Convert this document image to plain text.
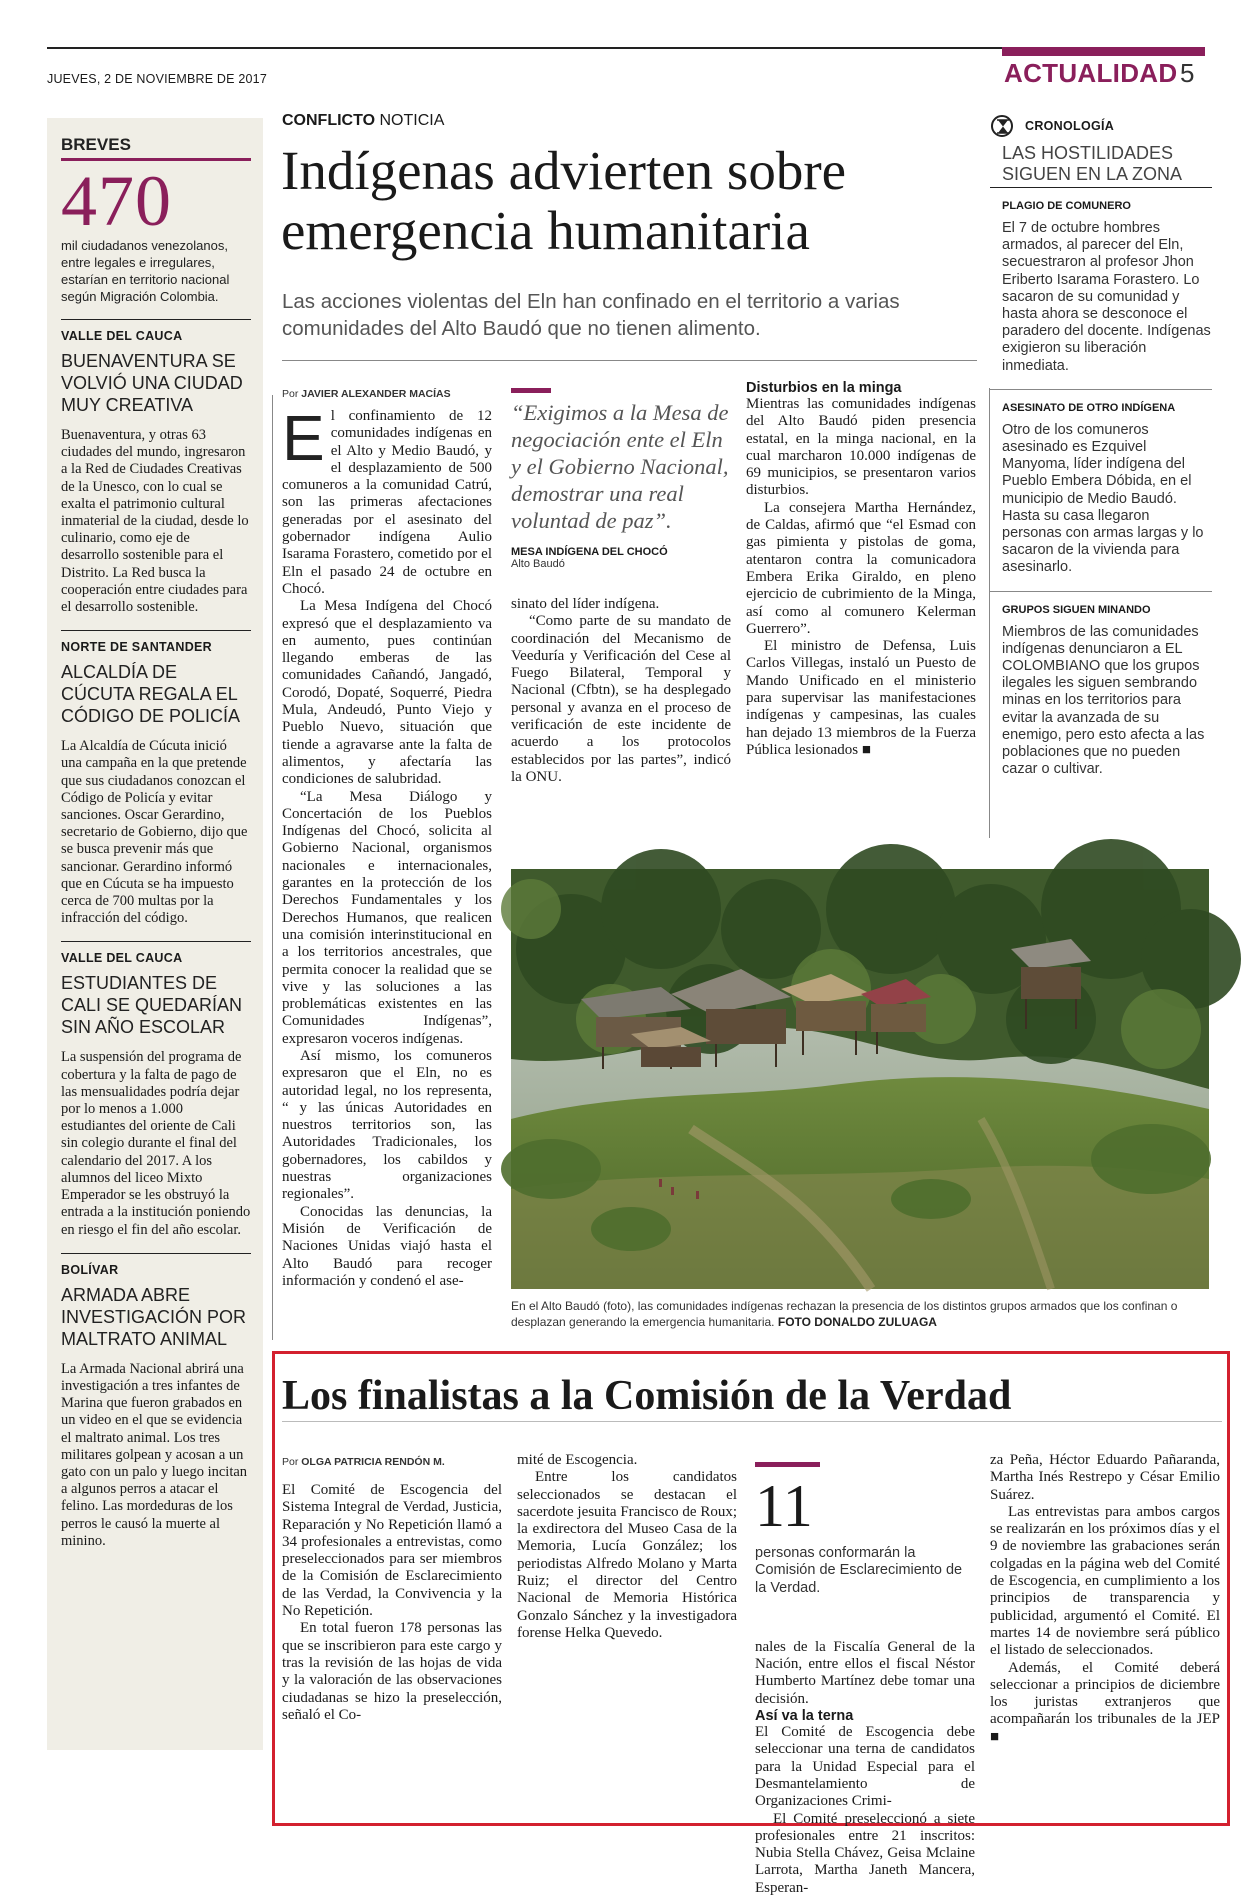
JUEVES, 2 DE NOVIEMBRE DE 2017	ACTUALIDAD 5
BREVES
470
mil ciudadanos venezolanos, entre legales e irregulares, estarían en territorio nacional según Migración Colombia.
VALLE DEL CAUCA
BUENAVENTURA SE VOLVIÓ UNA CIUDAD MUY CREATIVA
Buenaventura, y otras 63 ciudades del mundo, ingresaron a la Red de Ciudades Creativas de la Unesco, con lo cual se exalta el patrimonio cultural inmaterial de la ciudad, desde lo culinario, como eje de desarrollo sostenible para el Distrito. La Red busca la cooperación entre ciudades para el desarrollo sostenible.
NORTE DE SANTANDER
ALCALDÍA DE CÚCUTA REGALA EL CÓDIGO DE POLICÍA
La Alcaldía de Cúcuta inició una campaña en la que pretende que sus ciudadanos conozcan el Código de Policía y evitar sanciones. Oscar Gerardino, secretario de Gobierno, dijo que se busca prevenir más que sancionar. Gerardino informó que en Cúcuta se ha impuesto cerca de 700 multas por la infracción del código.
VALLE DEL CAUCA
ESTUDIANTES DE CALI SE QUEDARÍAN SIN AÑO ESCOLAR
La suspensión del programa de cobertura y la falta de pago de las mensualidades podría dejar por lo menos a 1.000 estudiantes del oriente de Cali sin colegio durante el final del calendario del 2017. A los alumnos del liceo Mixto Emperador se les obstruyó la entrada a la institución poniendo en riesgo el fin del año escolar.
BOLÍVAR
ARMADA ABRE INVESTIGACIÓN POR MALTRATO ANIMAL
La Armada Nacional abrirá una investigación a tres infantes de Marina que fueron grabados en un video en el que se evidencia el maltrato animal. Los tres militares golpean y acosan a un gato con un palo y luego incitan a algunos perros a atacar el felino. Las mordeduras de los perros le causó la muerte al minino.
CONFLICTO NOTICIA
Indígenas advierten sobre emergencia humanitaria
Las acciones violentas del Eln han confinado en el territorio a varias comunidades del Alto Baudó que no tienen alimento.
Por JAVIER ALEXANDER MACÍAS

El confinamiento de 12 comunidades indígenas en el Alto y Medio Baudó, y el desplazamiento de 500 comuneros a la comunidad Catrú, son las primeras afectaciones generadas por el asesinato del gobernador indígena Aulio Isarama Forastero, cometido por el Eln el pasado 24 de octubre en Chocó.

La Mesa Indígena del Chocó expresó que el desplazamiento va en aumento, pues continúan llegando emberas de las comunidades Cañandó, Jangadó, Corodó, Dopaté, Soquerré, Piedra Mula, Andeudó, Punto Viejo y Pueblo Nuevo, situación que tiende a agravarse ante la falta de alimentos, y afectaría las condiciones de salubridad.

“La Mesa Diálogo y Concertación de los Pueblos Indígenas del Chocó, solicita al Gobierno Nacional, organismos nacionales e internacionales, garantes en la protección de los Derechos Fundamentales y los Derechos Humanos, que realicen una comisión interinstitucional en a los territorios ancestrales, que permita conocer la realidad que se vive y las soluciones a las problemáticas existentes en las Comunidades Indígenas”, expresaron voceros indígenas.

Así mismo, los comuneros expresaron que el Eln, no es autoridad legal, no los representa, “ y las únicas Autoridades en nuestros territorios son, las Autoridades Tradicionales, los gobernadores, los cabildos y nuestras organizaciones regionales”.

Conocidas las denuncias, la Misión de Verificación de Naciones Unidas viajó hasta el Alto Baudó para recoger información y condenó el ase-

“Exigimos a la Mesa de negociación ente el Eln y el Gobierno Nacional, demostrar una real voluntad de paz”.
MESA INDÍGENA DEL CHOCÓ
Alto Baudó

sinato del líder indígena.

“Como parte de su mandato de coordinación del Mecanismo de Veeduría y Verificación del Cese al Fuego Bilateral, Temporal y Nacional (Cfbtn), se ha desplegado personal y avanza en el proceso de verificación de este incidente de acuerdo a los protocolos establecidos por las partes”, indicó la ONU.

Disturbios en la minga

Mientras las comunidades indígenas del Alto Baudó piden presencia estatal, en la minga nacional, en la cual marcharon 10.000 indígenas de 69 municipios, se presentaron varios disturbios.

La consejera Martha Hernández, de Caldas, afirmó que “el Esmad con gas pimienta y pistolas de goma, atentaron contra la comunicadora Embera Erika Giraldo, en pleno ejercicio de cubrimiento de la Minga, así como al comunero Kelerman Guerrero”.

El ministro de Defensa, Luis Carlos Villegas, instaló un Puesto de Mando Unificado en el ministerio para supervisar las manifestaciones indígenas y campesinas, las cuales han dejado 13 miembros de la Fuerza Pública lesionados ■

CRONOLOGÍA
LAS HOSTILIDADES SIGUEN EN LA ZONA
PLAGIO DE COMUNERO
El 7 de octubre hombres armados, al parecer del Eln, secuestraron al profesor Jhon Eriberto Isarama Forastero. Lo sacaron de su comunidad y hasta ahora se desconoce el paradero del docente. Indígenas exigieron su liberación inmediata.
ASESINATO DE OTRO INDÍGENA
Otro de los comuneros asesinado es Ezquivel Manyoma, líder indígena del Pueblo Embera Dóbida, en el municipio de Medio Baudó. Hasta su casa llegaron personas con armas largas y lo sacaron de la vivienda para asesinarlo.
GRUPOS SIGUEN MINANDO
Miembros de las comunidades indígenas denunciaron a EL COLOMBIANO que los grupos ilegales les siguen sembrando minas en los territorios para evitar la avanzada de su enemigo, pero esto afecta a las poblaciones que no pueden cazar o cultivar.
En el Alto Baudó (foto), las comunidades indígenas rechazan la presencia de los distintos grupos armados que los confinan o desplazan generando la emergencia humanitaria. FOTO DONALDO ZULUAGA
Los finalistas a la Comisión de la Verdad
Por OLGA PATRICIA RENDÓN M.

El Comité de Escogencia del Sistema Integral de Verdad, Justicia, Reparación y No Repetición llamó a 34 profesionales a entrevistas, como preseleccionados para ser miembros de la Comisión de Esclarecimiento de las Verdad, la Convivencia y la No Repetición.

En total fueron 178 personas las que se inscribieron para este cargo y tras la revisión de las hojas de vida y la valoración de las observaciones ciudadanas se hizo la preselección, señaló el Co-

mité de Escogencia.

Entre los candidatos seleccionados se destacan el sacerdote jesuita Francisco de Roux; la exdirectora del Museo Casa de la Memoria, Lucía González; los periodistas Alfredo Molano y Marta Ruiz; el director del Centro Nacional de Memoria Histórica Gonzalo Sánchez y la investigadora forense Helka Quevedo.

11
personas conformarán la Comisión de Esclarecimiento de la Verdad.

nales de la Fiscalía General de la Nación, entre ellos el fiscal Néstor Humberto Martínez debe tomar una decisión.

Así va la terna

El Comité de Escogencia debe seleccionar una terna de candidatos para la Unidad Especial para el Desmantelamiento de Organizaciones Crimi-

El Comité preseleccionó a siete profesionales entre 21 inscritos: Nubia Stella Chávez, Geisa Mclaine Larrota, Martha Janeth Mancera, Esperan-

za Peña, Héctor Eduardo Pañaranda, Martha Inés Restrepo y César Emilio Suárez.

Las entrevistas para ambos cargos se realizarán en los próximos días y el 9 de noviembre las grabaciones serán colgadas en la página web del Comité de Escogencia, en cumplimiento a los principios de transparencia y publicidad, argumentó el Comité. El martes 14 de noviembre será público el listado de seleccionados.

Además, el Comité deberá seleccionar a principios de diciembre los juristas extranjeros que acompañarán los tribunales de la JEP ■
